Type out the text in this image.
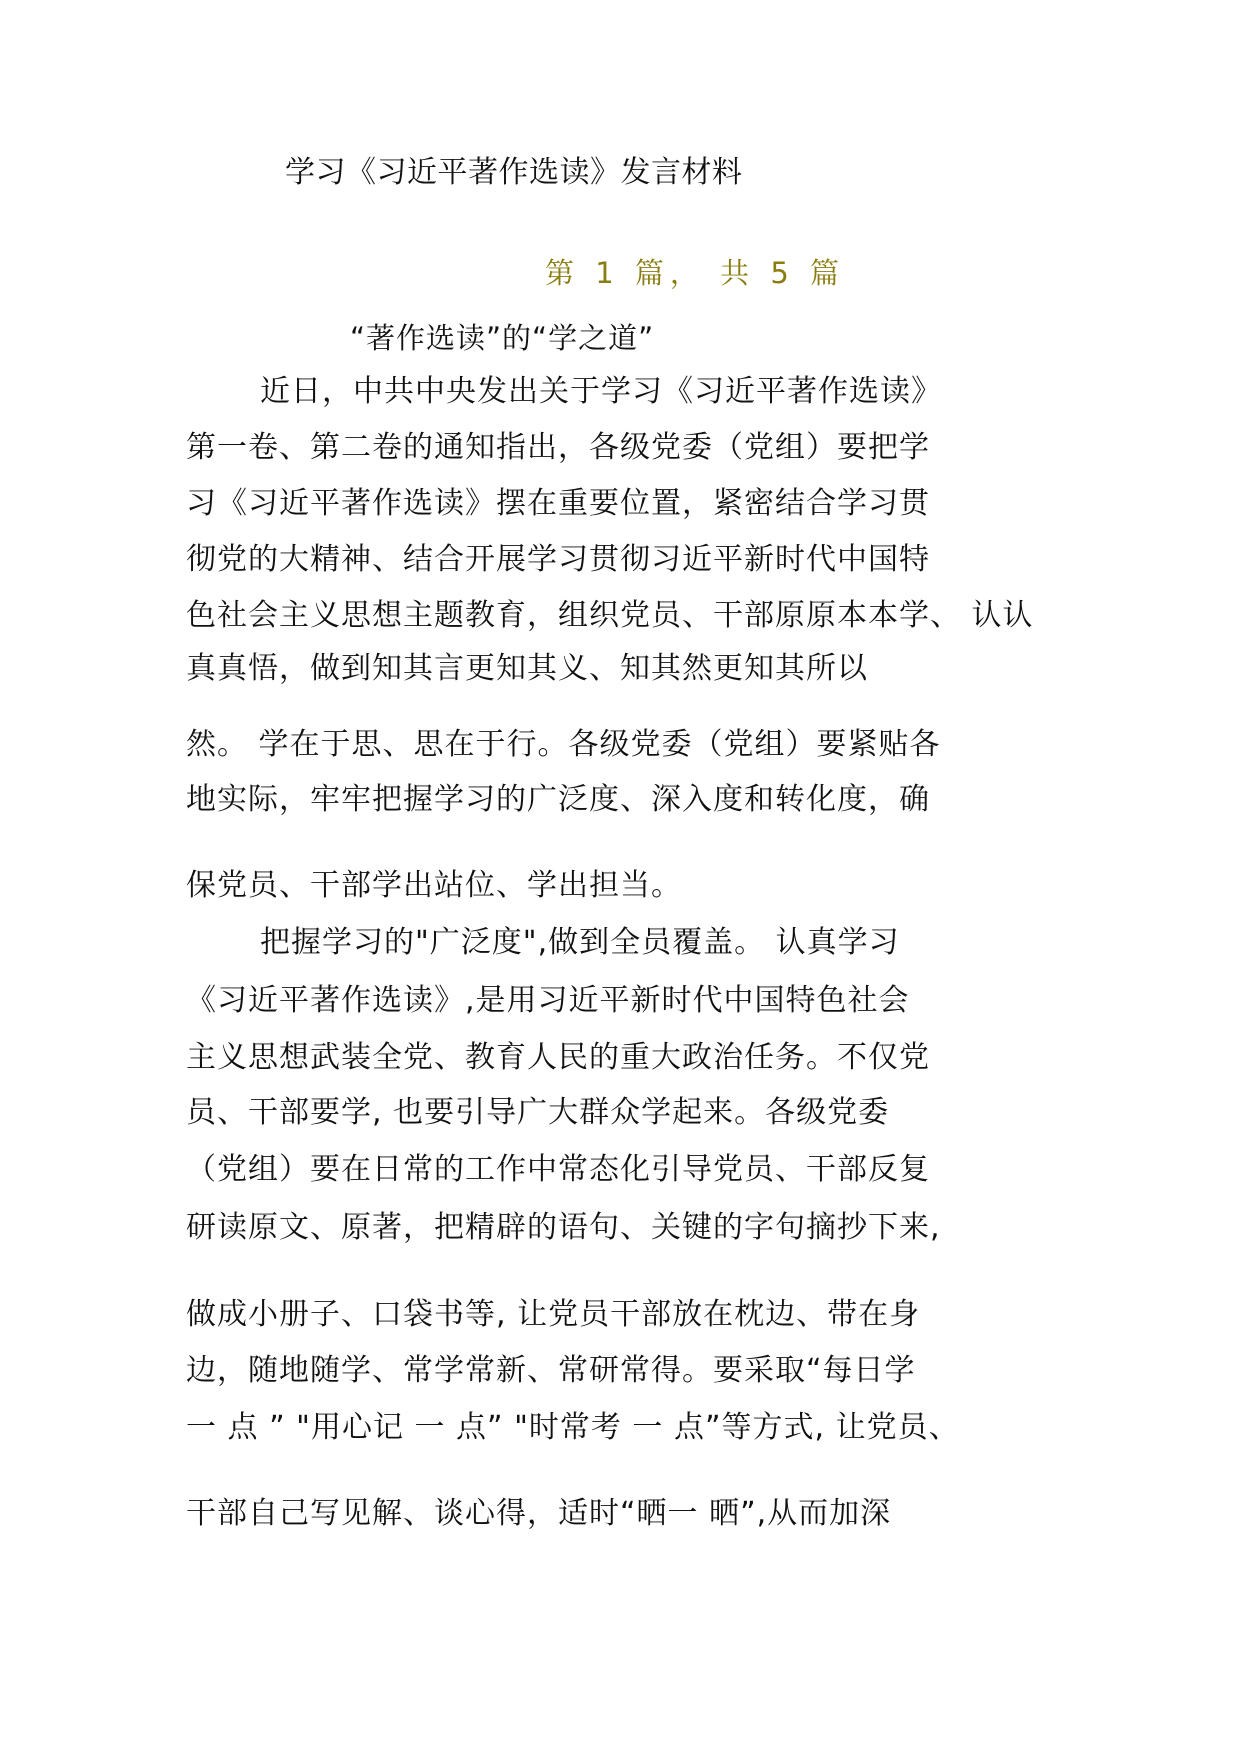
学习《习近平著作选读》发言材料
第 1 篇， 共 5 篇
“著作选读”的“学之道”
近日，中共中央发出关于学习《习近平著作选读》
第一卷、第二卷的通知指出，各级党委（党组）要把学
习《习近平著作选读》摆在重要位置，紧密结合学习贯
彻党的大精神、结合开展学习贯彻习近平新时代中国特
色社会主义思想主题教育，组织党员、干部原原本本学、 认认
真真悟，做到知其言更知其义、知其然更知其所以
然。 学在于思、思在于行。各级党委（党组）要紧贴各
地实际，牢牢把握学习的广泛度、深入度和转化度，确
保党员、干部学出站位、学出担当。
把握学习的"广泛度",做到全员覆盖。 认真学习
《习近平著作选读》,是用习近平新时代中国特色社会
主义思想武装全党、教育人民的重大政治任务。不仅党
员、干部要学, 也要引导广大群众学起来。各级党委
（党组）要在日常的工作中常态化引导党员、干部反复
研读原文、原著，把精辟的语句、关键的字句摘抄下来,
做成小册子、口袋书等, 让党员干部放在枕边、带在身
边，随地随学、常学常新、常研常得。要采取“每日学
一 点 ” "用心记 一 点” "时常考 一 点”等方式, 让党员、
干部自己写见解、谈心得，适时“晒一 晒”,从而加深
